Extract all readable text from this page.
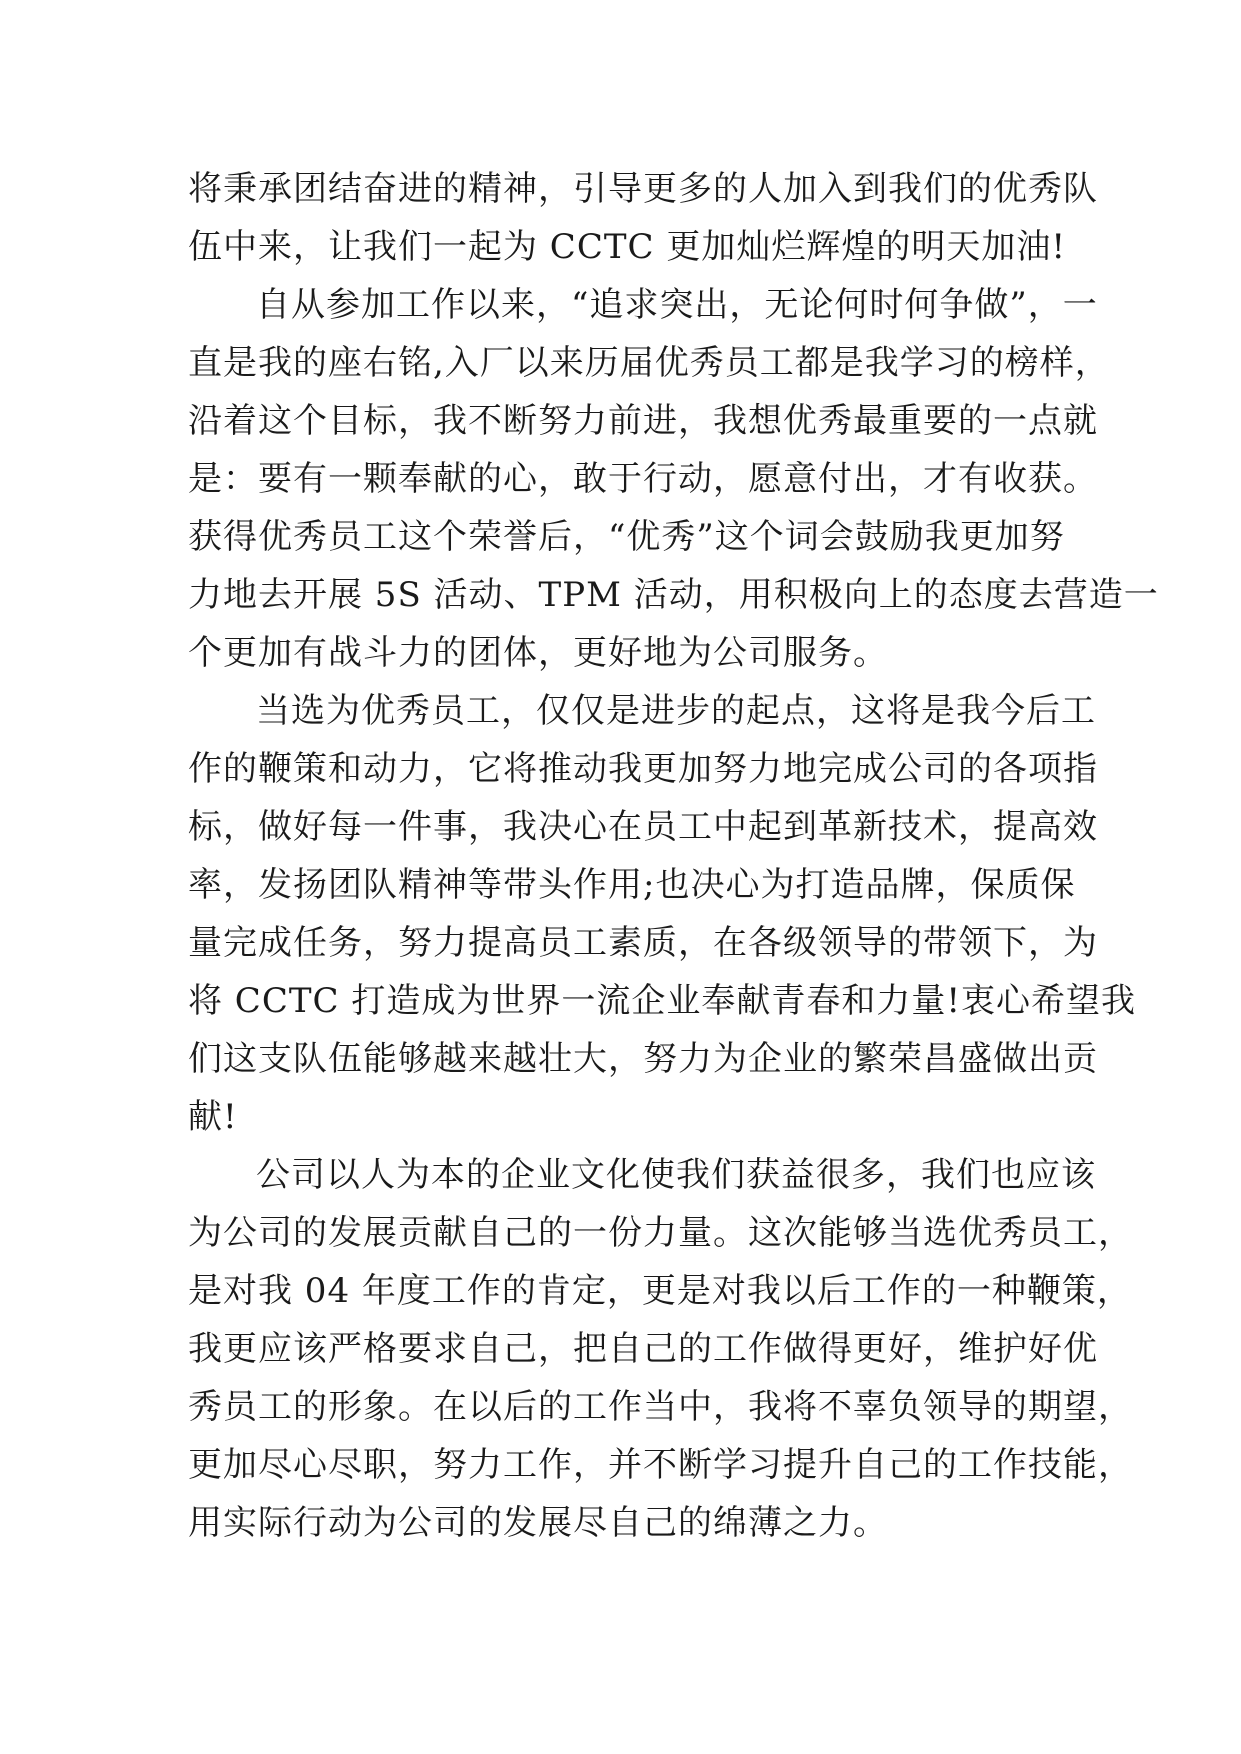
将秉承团结奋进的精神，引导更多的人加入到我们的优秀队
伍中来，让我们一起为 CCTC 更加灿烂辉煌的明天加油!
自从参加工作以来，“追求突出，无论何时何争做”，一
直是我的座右铭,入厂以来历届优秀员工都是我学习的榜样，
沿着这个目标，我不断努力前进，我想优秀最重要的一点就
是：要有一颗奉献的心，敢于行动，愿意付出，才有收获。
获得优秀员工这个荣誉后，“优秀”这个词会鼓励我更加努
力地去开展 5S 活动、TPM 活动，用积极向上的态度去营造一
个更加有战斗力的团体，更好地为公司服务。
当选为优秀员工，仅仅是进步的起点，这将是我今后工
作的鞭策和动力，它将推动我更加努力地完成公司的各项指
标，做好每一件事，我决心在员工中起到革新技术，提高效
率，发扬团队精神等带头作用;也决心为打造品牌，保质保
量完成任务，努力提高员工素质，在各级领导的带领下，为
将 CCTC 打造成为世界一流企业奉献青春和力量!衷心希望我
们这支队伍能够越来越壮大，努力为企业的繁荣昌盛做出贡
献!
公司以人为本的企业文化使我们获益很多，我们也应该
为公司的发展贡献自己的一份力量。这次能够当选优秀员工，
是对我 04 年度工作的肯定，更是对我以后工作的一种鞭策，
我更应该严格要求自己，把自己的工作做得更好，维护好优
秀员工的形象。在以后的工作当中，我将不辜负领导的期望，
更加尽心尽职，努力工作，并不断学习提升自己的工作技能，
用实际行动为公司的发展尽自己的绵薄之力。
